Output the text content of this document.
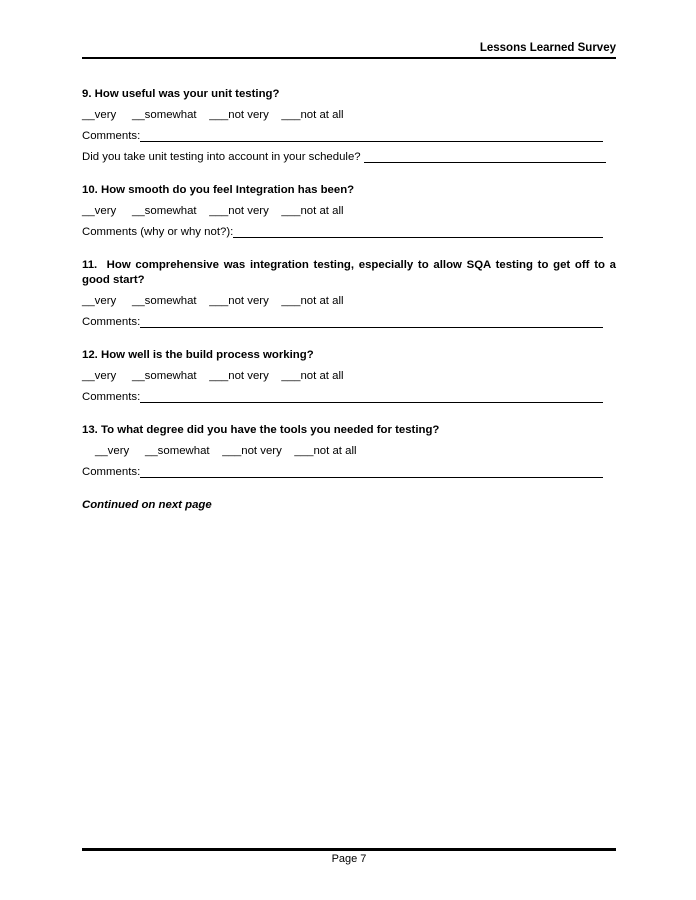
Lessons Learned Survey

9. How useful was your unit testing?

__very     __somewhat    ___not very    ___not at all

Comments:

Did you take unit testing into account in your schedule?

10. How smooth do you feel Integration has been?

__very     __somewhat    ___not very    ___not at all

Comments (why or why not?):

11.  How comprehensive was integration testing, especially to allow SQA testing to get off to a good start?

__very     __somewhat    ___not very    ___not at all

Comments:

12. How well is the build process working?

__very     __somewhat    ___not very    ___not at all

Comments:

13. To what degree did you have the tools you needed for testing?

__very     __somewhat    ___not very    ___not at all

Comments:

Continued on next page

Page 7
